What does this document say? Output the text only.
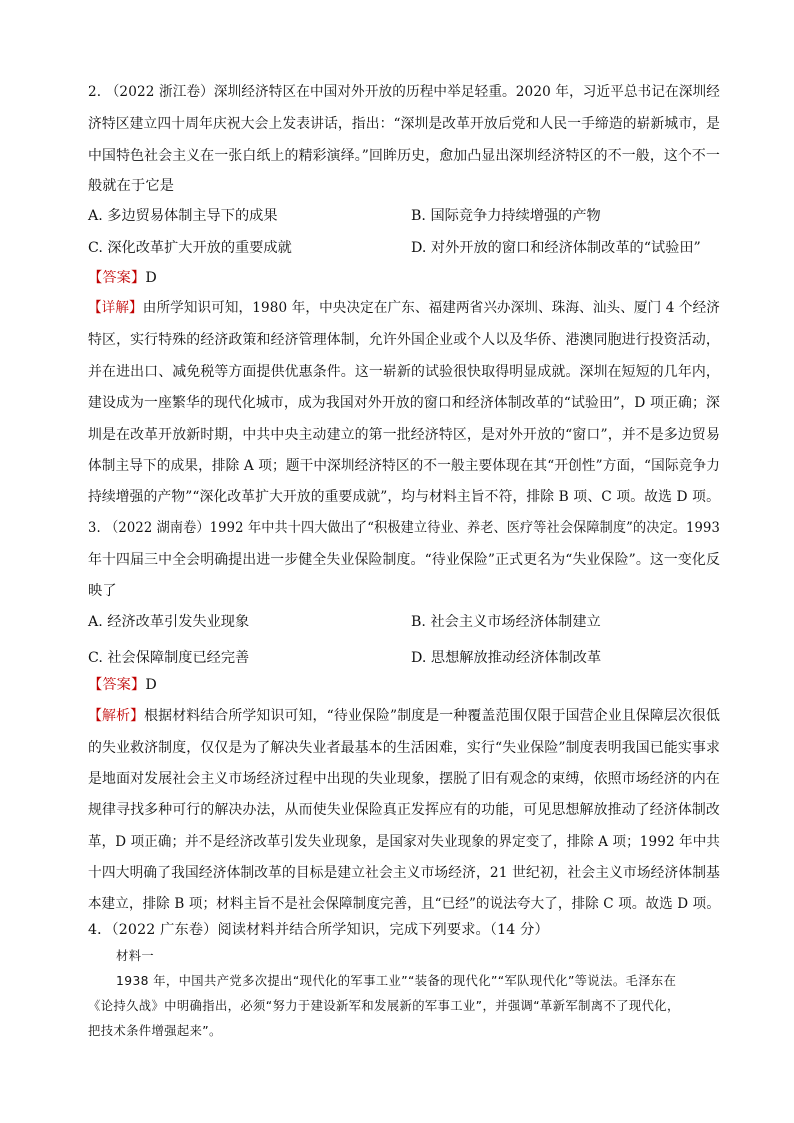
2. （2022 浙江卷）深圳经济特区在中国对外开放的历程中举足轻重。2020 年，习近平总书记在深圳经
济特区建立四十周年庆祝大会上发表讲话，指出：“深圳是改革开放后党和人民一手缔造的崭新城市，是
中国特色社会主义在一张白纸上的精彩演绎。”回眸历史，愈加凸显出深圳经济特区的不一般，这个不一
般就在于它是
A. 多边贸易体制主导下的成果	B. 国际竞争力持续增强的产物
C. 深化改革扩大开放的重要成就	D. 对外开放的窗口和经济体制改革的“试验田”
【答案】D
【详解】由所学知识可知，1980 年，中央决定在广东、福建两省兴办深圳、珠海、汕头、厦门 4 个经济
特区，实行特殊的经济政策和经济管理体制，允许外国企业或个人以及华侨、港澳同胞进行投资活动，
并在进出口、减免税等方面提供优惠条件。这一崭新的试验很快取得明显成就。深圳在短短的几年内，
建设成为一座繁华的现代化城市，成为我国对外开放的窗口和经济体制改革的“试验田”，D 项正确；深
圳是在改革开放新时期，中共中央主动建立的第一批经济特区，是对外开放的“窗口”，并不是多边贸易
体制主导下的成果，排除 A 项；题干中深圳经济特区的不一般主要体现在其“开创性”方面，“国际竞争力
持续增强的产物”“深化改革扩大开放的重要成就”，均与材料主旨不符，排除 B 项、C 项。故选 D 项。
3. （2022 湖南卷）1992 年中共十四大做出了“积极建立待业、养老、医疗等社会保障制度”的决定。1993
年十四届三中全会明确提出进一步健全失业保险制度。“待业保险”正式更名为“失业保险”。这一变化反
映了
A. 经济改革引发失业现象	B. 社会主义市场经济体制建立
C. 社会保障制度已经完善	D. 思想解放推动经济体制改革
【答案】D
【解析】根据材料结合所学知识可知，“待业保险”制度是一种覆盖范围仅限于国营企业且保障层次很低
的失业救济制度，仅仅是为了解决失业者最基本的生活困难，实行“失业保险”制度表明我国已能实事求
是地面对发展社会主义市场经济过程中出现的失业现象，摆脱了旧有观念的束缚，依照市场经济的内在
规律寻找多种可行的解决办法，从而使失业保险真正发挥应有的功能，可见思想解放推动了经济体制改
革，D 项正确；并不是经济改革引发失业现象，是国家对失业现象的界定变了，排除 A 项；1992 年中共
十四大明确了我国经济体制改革的目标是建立社会主义市场经济，21 世纪初，社会主义市场经济体制基
本建立，排除 B 项；材料主旨不是社会保障制度完善，且“已经”的说法夸大了，排除 C 项。故选 D 项。
4．（2022 广东卷）阅读材料并结合所学知识，完成下列要求。（14 分）
材料一
1938 年，中国共产党多次提出“现代化的军事工业”“装备的现代化”“军队现代化”等说法。毛泽东在
《论持久战》中明确指出，必须“努力于建设新军和发展新的军事工业”，并强调“革新军制离不了现代化，
把技术条件增强起来”。
